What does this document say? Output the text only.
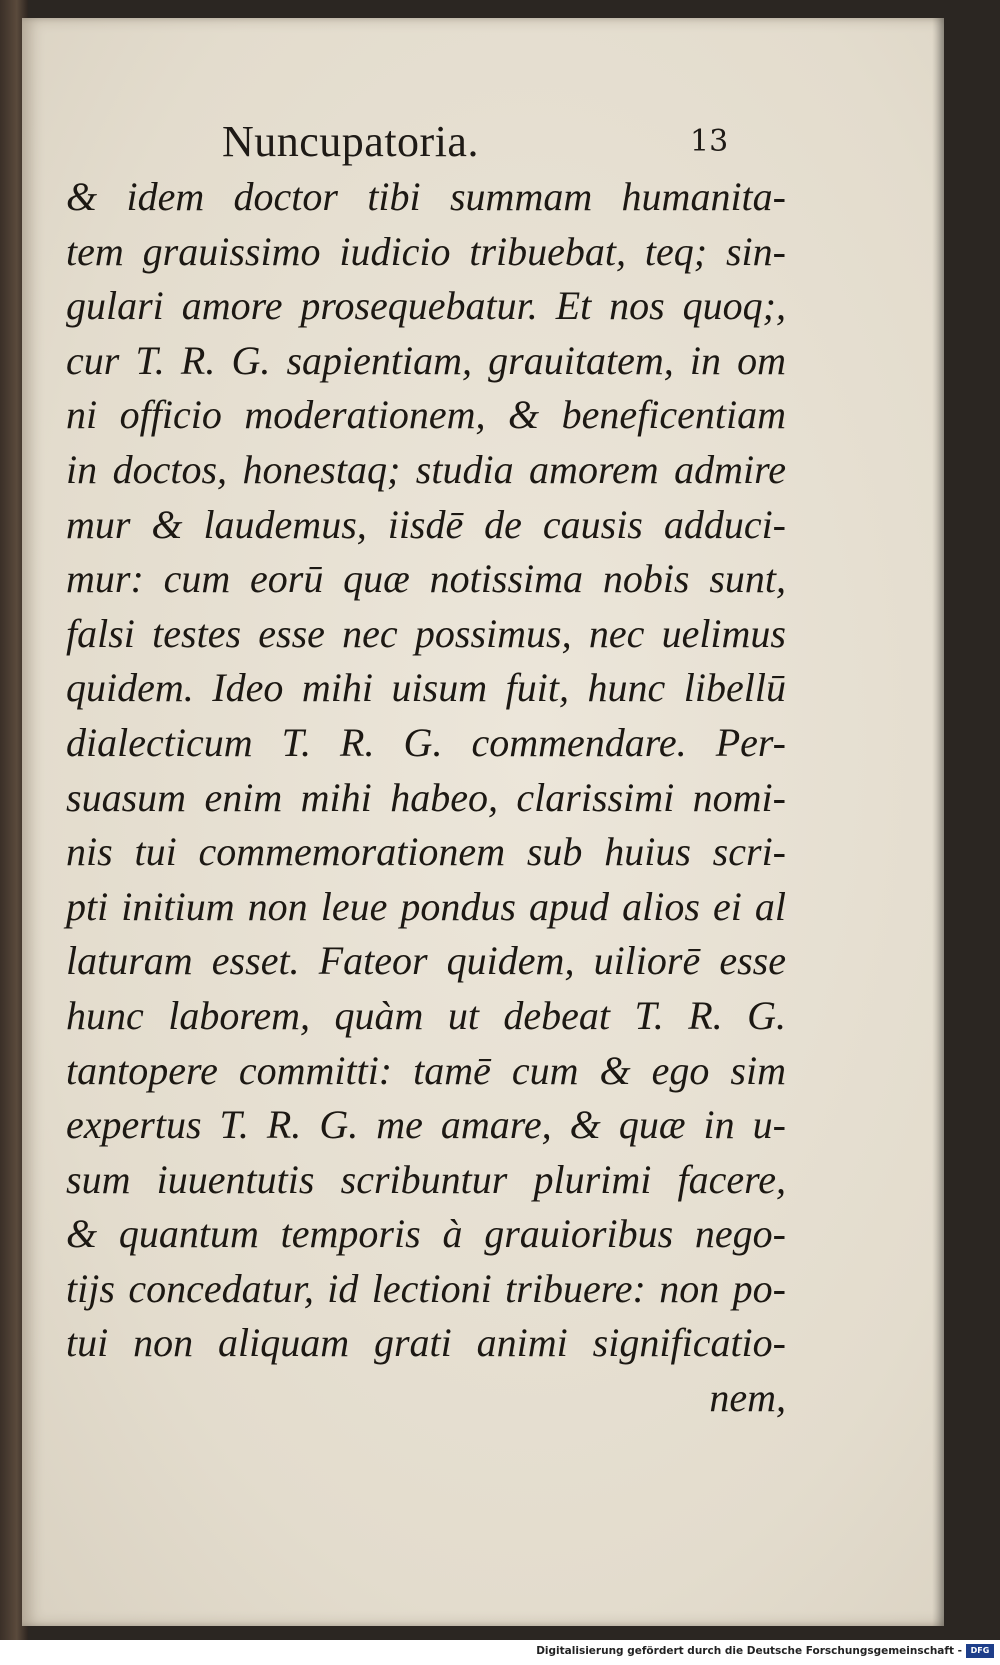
Nuncupatoria.	13
& idem doctor tibi summam humanita-
tem grauissimo iudicio tribuebat, teq; sin-
gulari amore prosequebatur. Et nos quoq;,
cur T. R. G. sapientiam, grauitatem, in om
ni officio moderationem, & beneficentiam
in doctos, honestaq; studia amorem admire
mur & laudemus, iisdē de causis adduci-
mur: cum eorū quæ notissima nobis sunt,
falsi testes esse nec possimus, nec uelimus
quidem. Ideo mihi uisum fuit, hunc libellū
dialecticum T. R. G. commendare. Per-
suasum enim mihi habeo, clarissimi nomi-
nis tui commemorationem sub huius scri-
pti initium non leue pondus apud alios ei al
laturam esset. Fateor quidem, uiliorē esse
hunc laborem, quàm ut debeat T. R. G.
tantopere committi: tamē cum & ego sim
expertus T. R. G. me amare, & quæ in u-
sum iuuentutis scribuntur plurimi facere,
& quantum temporis à grauioribus nego-
tijs concedatur, id lectioni tribuere: non po-
tui non aliquam grati animi significatio-
nem,
Digitalisierung gefördert durch die Deutsche Forschungsgemeinschaft -	DFG
